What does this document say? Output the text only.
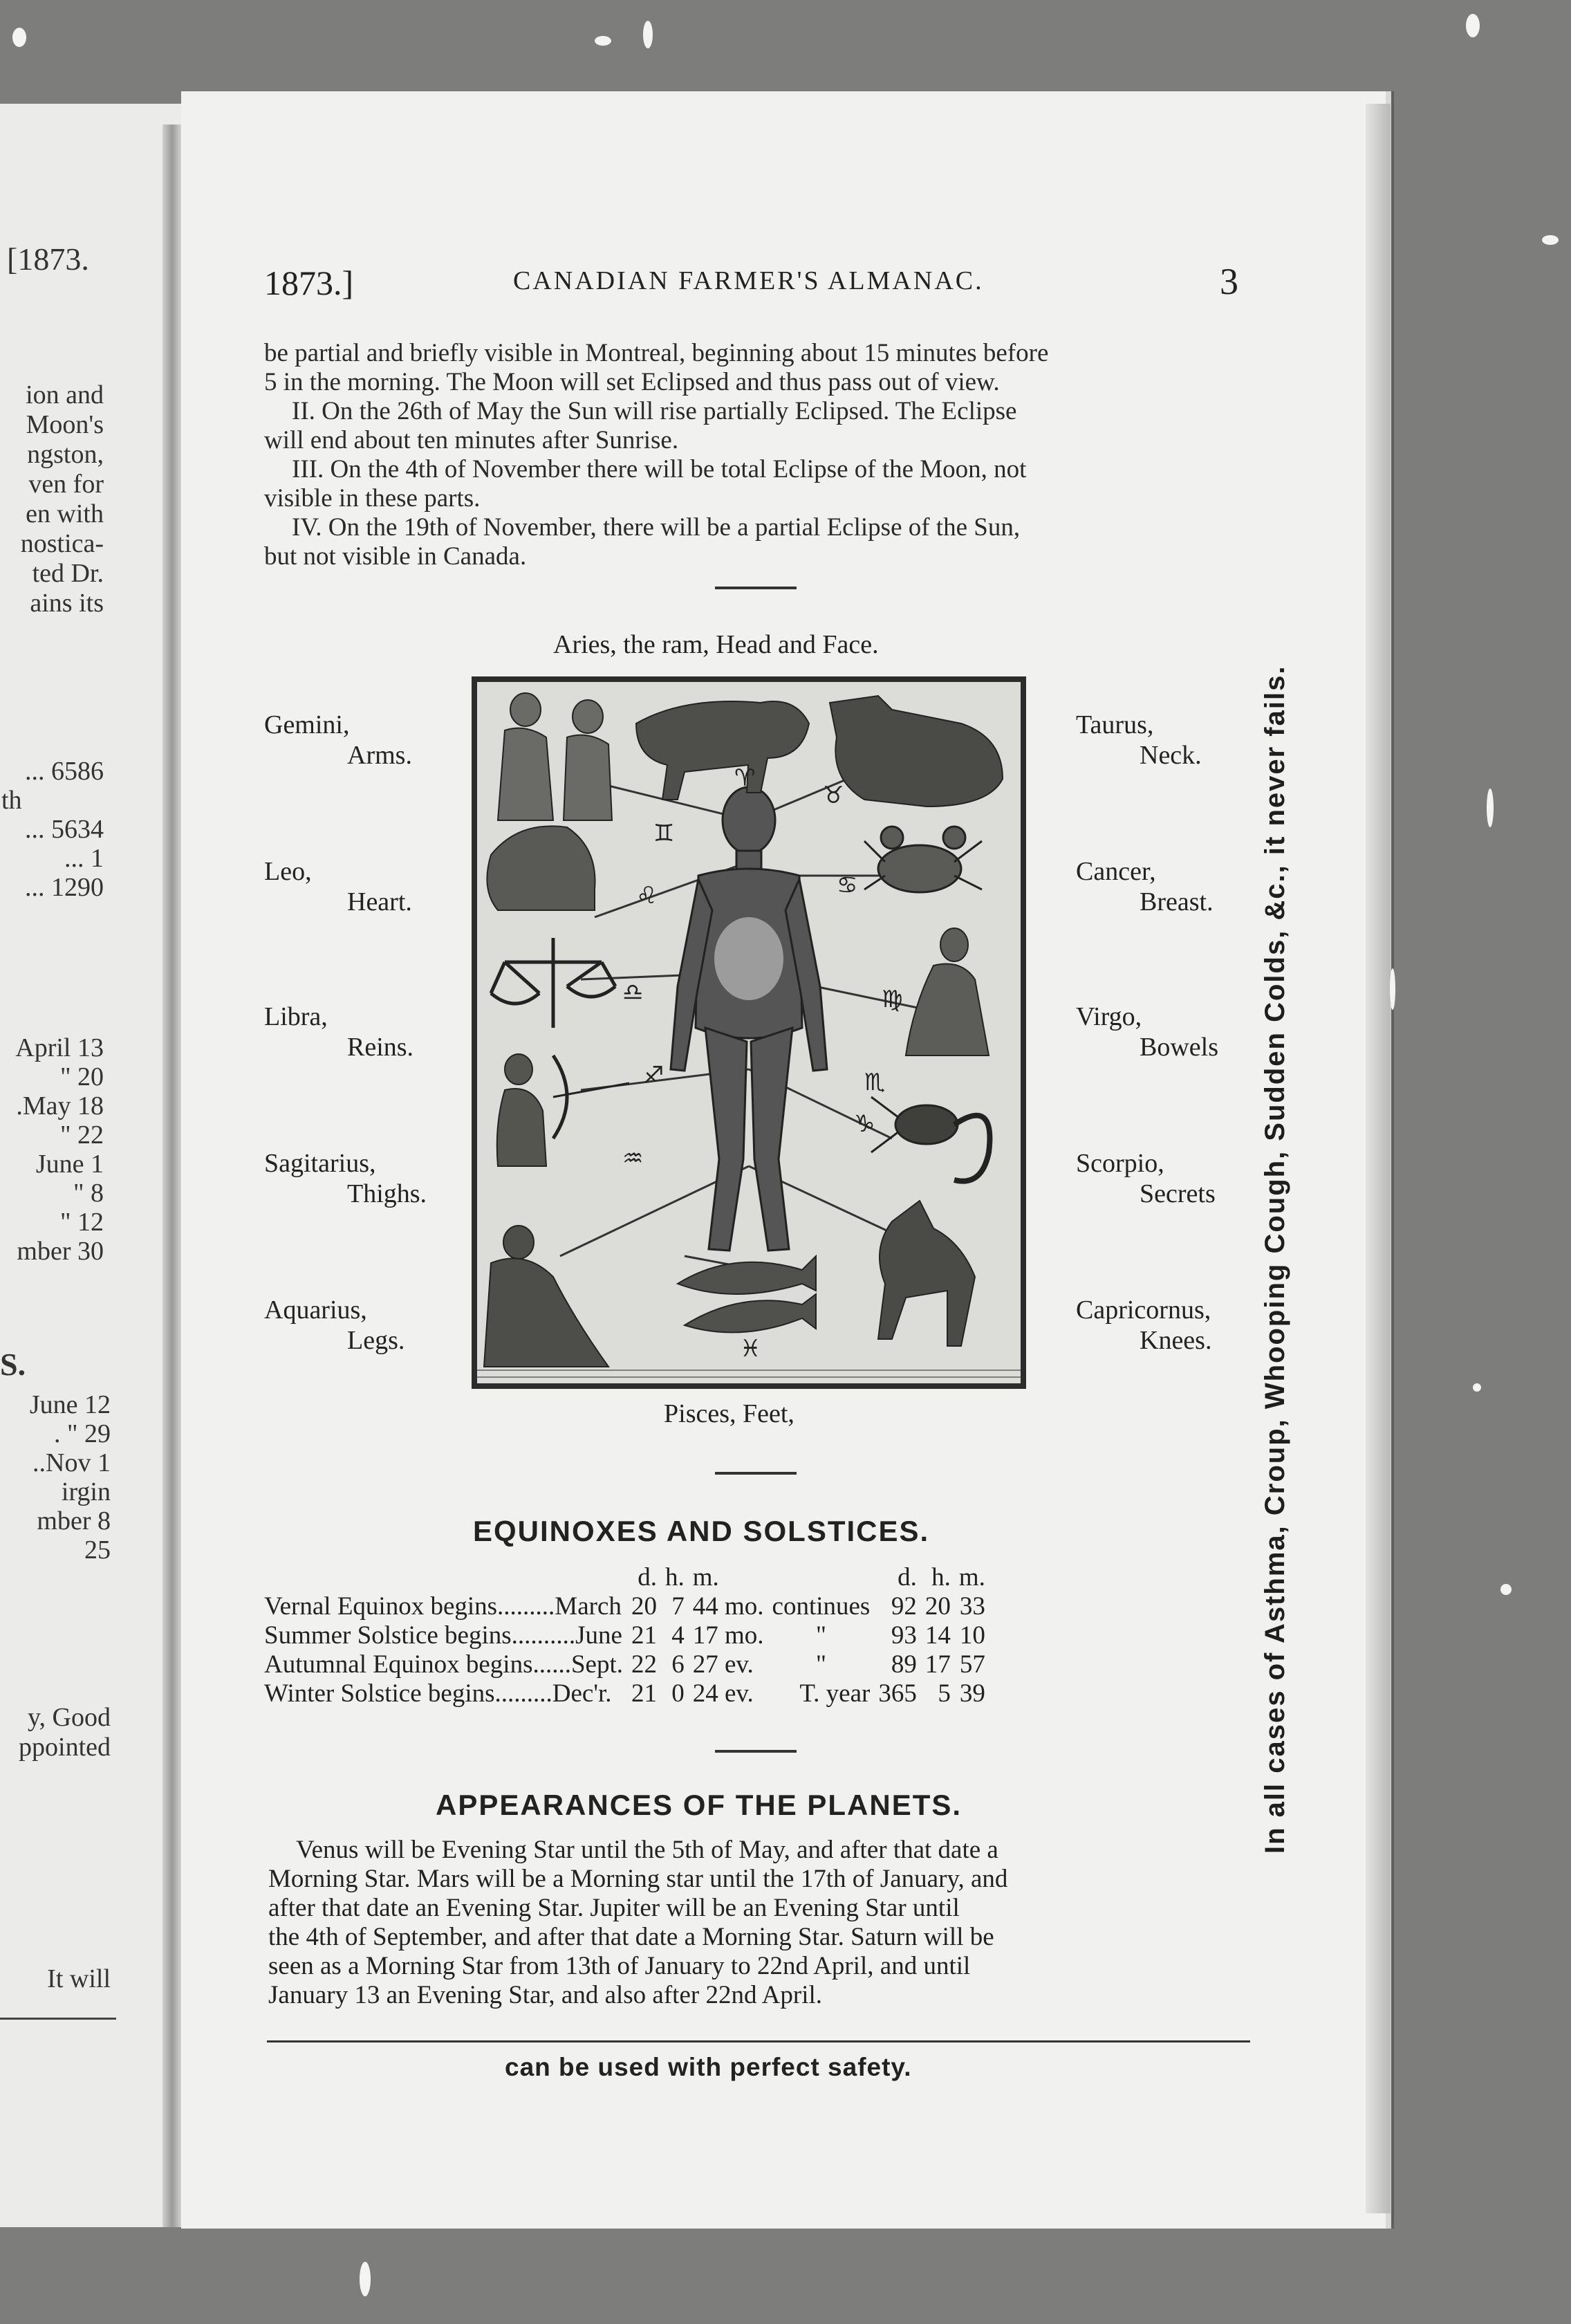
[1873.
ion and
Moon's
ngston,
ven for
en with
nostica-
ted Dr.
ains its
... 6586
th
... 5634
... 1
... 1290
April 13
" 20
.May 18
" 22
June 1
" 8
" 12
mber 30
S.
June 12
. " 29
..Nov 1
irgin
mber 8
25
y, Good
ppointed
It will
1873.]	CANADIAN FARMER'S ALMANAC.	3

be partial and briefly visible in Montreal, beginning about 15 minutes before

5 in the morning. The Moon will set Eclipsed and thus pass out of view.

II. On the 26th of May the Sun will rise partially Eclipsed. The Eclipse

will end about ten minutes after Sunrise.

III. On the 4th of November there will be total Eclipse of the Moon, not

visible in these parts.

IV. On the 19th of November, there will be a partial Eclipse of the Sun,

but not visible in Canada.

Aries, the ram, Head and Face.
Gemini,
Arms.
Leo,
Heart.
Libra,
Reins.
Sagitarius,
Thighs.
Aquarius,
Legs.
Taurus,
Neck.
Cancer,
Breast.
Virgo,
Bowels
Scorpio,
Secrets
Capricornus,
Knees.
♈
♉
♊
♋
♌
♍
♎
♏
♐
♑
♒
♓
Pisces, Feet,
EQUINOXES AND SOLSTICES.
	d.	h.	m.		d.	h.	m.
Vernal Equinox begins.........March	20	7	44 mo.	continues	92	20	33
Summer Solstice begins..........June	21	4	17 mo.	"	93	14	10
Autumnal Equinox begins......Sept.	22	6	27 ev.	"	89	17	57
Winter Solstice begins.........Dec'r.	21	0	24 ev.	T. year	365	5	39
APPEARANCES OF THE PLANETS.

Venus will be Evening Star until the 5th of May, and after that date a

Morning Star. Mars will be a Morning star until the 17th of January, and

after that date an Evening Star. Jupiter will be an Evening Star until

the 4th of September, and after that date a Morning Star. Saturn will be

seen as a Morning Star from 13th of January to 22nd April, and until

January 13 an Evening Star, and also after 22nd April.

can be used with perfect safety.
In all cases of Asthma, Croup, Whooping Cough, Sudden Colds, &c., it never fails.
